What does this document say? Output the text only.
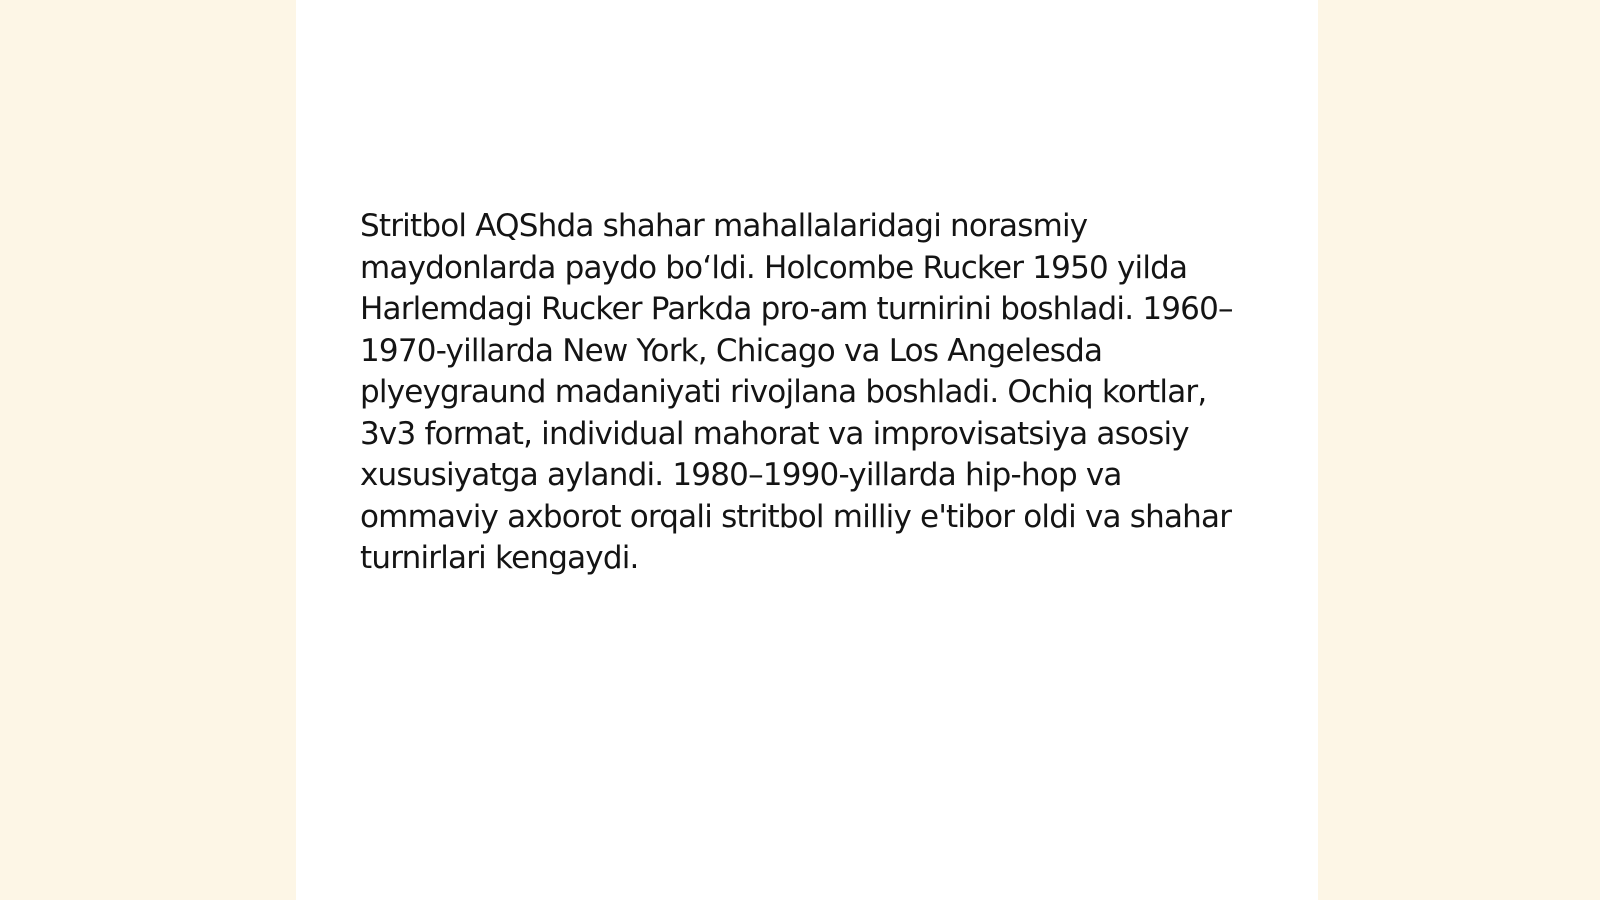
Stritbol AQShda shahar mahallalaridagi norasmiy maydonlarda paydo bo‘ldi. Holcombe Rucker 1950 yilda Harlemdagi Rucker Parkda pro-am turnirini boshladi. 1960–1970-yillarda New York, Chicago va Los Angelesda plyeygraund madaniyati rivojlana boshladi. Ochiq kortlar, 3v3 format, individual mahorat va improvisatsiya asosiy xususiyatga aylandi. 1980–1990-yillarda hip-hop va ommaviy axborot orqali stritbol milliy e'tibor oldi va shahar turnirlari kengaydi.
